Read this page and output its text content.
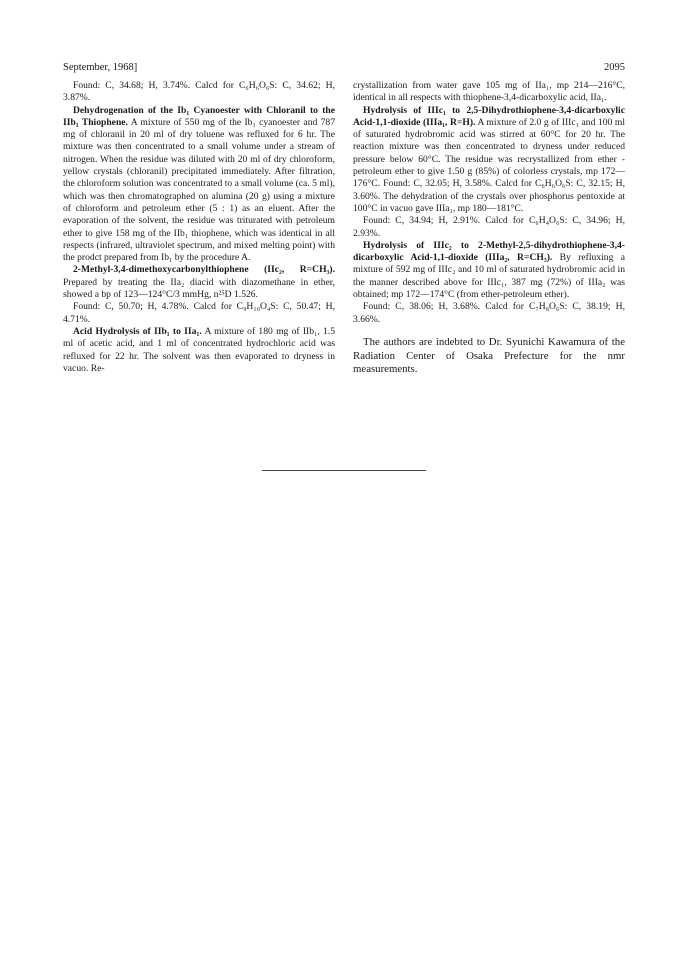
September, 1968]	2095

Found: C, 34.68; H, 3.74%. Calcd for C₆H₆O₆S: C, 34.62; H, 3.87%.

Dehydrogenation of the Ib₁ Cyanoester with Chloranil to the IIb₁ Thiophene. A mixture of 550 mg of the Ib₁ cyanoester and 787 mg of chloranil in 20 ml of dry toluene was refluxed for 6 hr. The mixture was then concentrated to a small volume under a stream of nitrogen. When the residue was diluted with 20 ml of dry chloroform, yellow crystals (chloranil) precipitated immediately. After filtration, the chloroform solution was concentrated to a small volume (ca. 5 ml), which was then chromatographed on alumina (20 g) using a mixture of chloroform and petroleum ether (5 : 1) as an eluent. After the evaporation of the solvent, the residue was triturated with petroleum ether to give 158 mg of the IIb₁ thiophene, which was identical in all respects (infrared, ultraviolet spectrum, and mixed melting point) with the prodct prepared from Ib₁ by the procedure A.

2-Methyl-3,4-dimethoxycarbonylthiophene (IIc₂, R=CH₃). Prepared by treating the IIa₂ diacid with diazomethane in ether, showed a bp of 123—124°C/3 mmHg, n²⁵D 1.526.

Found: C, 50.70; H, 4.78%. Calcd for C₉H₁₀O₄S: C, 50.47; H, 4.71%.

Acid Hydrolysis of IIb₁ to IIa₁. A mixture of 180 mg of IIb₁, 1.5 ml of acetic acid, and 1 ml of concentrated hydrochloric acid was refluxed for 22 hr. The solvent was then evaporated to dryness in vacuo. Re-

crystallization from water gave 105 mg of IIa₁, mp 214—216°C, identical in all respects with thiophene-3,4-dicarboxylic acid, IIa₁.

Hydrolysis of IIIc₁ to 2,5-Dihydrothiophene-3,4-dicarboxylic Acid-1,1-dioxide (IIIa₁, R=H). A mixture of 2.0 g of IIIc₁ and 100 ml of saturated hydrobromic acid was stirred at 60°C for 20 hr. The reaction mixture was then concentrated to dryness under reduced pressure below 60°C. The residue was recrystallized from ether - petroleum ether to give 1.50 g (85%) of colorless crystals, mp 172—176°C. Found: C, 32.05; H, 3.58%. Calcd for C₆H₆O₆S: C, 32.15; H, 3.60%. The dehydration of the crystals over phosphorus pentoxide at 100°C in vacuo gave IIIa₁, mp 180—181°C.

Found: C, 34.94; H, 2.91%. Calcd for C₆H₄O₆S: C, 34.96; H, 2.93%.

Hydrolysis of IIIc₂ to 2-Methyl-2,5-dihydrothiophene-3,4-dicarboxylic Acid-1,1-dioxide (IIIa₂, R=CH₃). By refluxing a mixture of 592 mg of IIIc₂ and 10 ml of saturated hydrobromic acid in the manner described above for IIIc₁, 387 mg (72%) of IIIa₂ was obtained; mp 172—174°C (from ether-petroleum ether).

Found: C, 38.06; H, 3.68%. Calcd for C₇H₈O₆S: C, 38.19; H, 3.66%.

The authors are indebted to Dr. Syunichi Kawamura of the Radiation Center of Osaka Prefecture for the nmr measurements.
